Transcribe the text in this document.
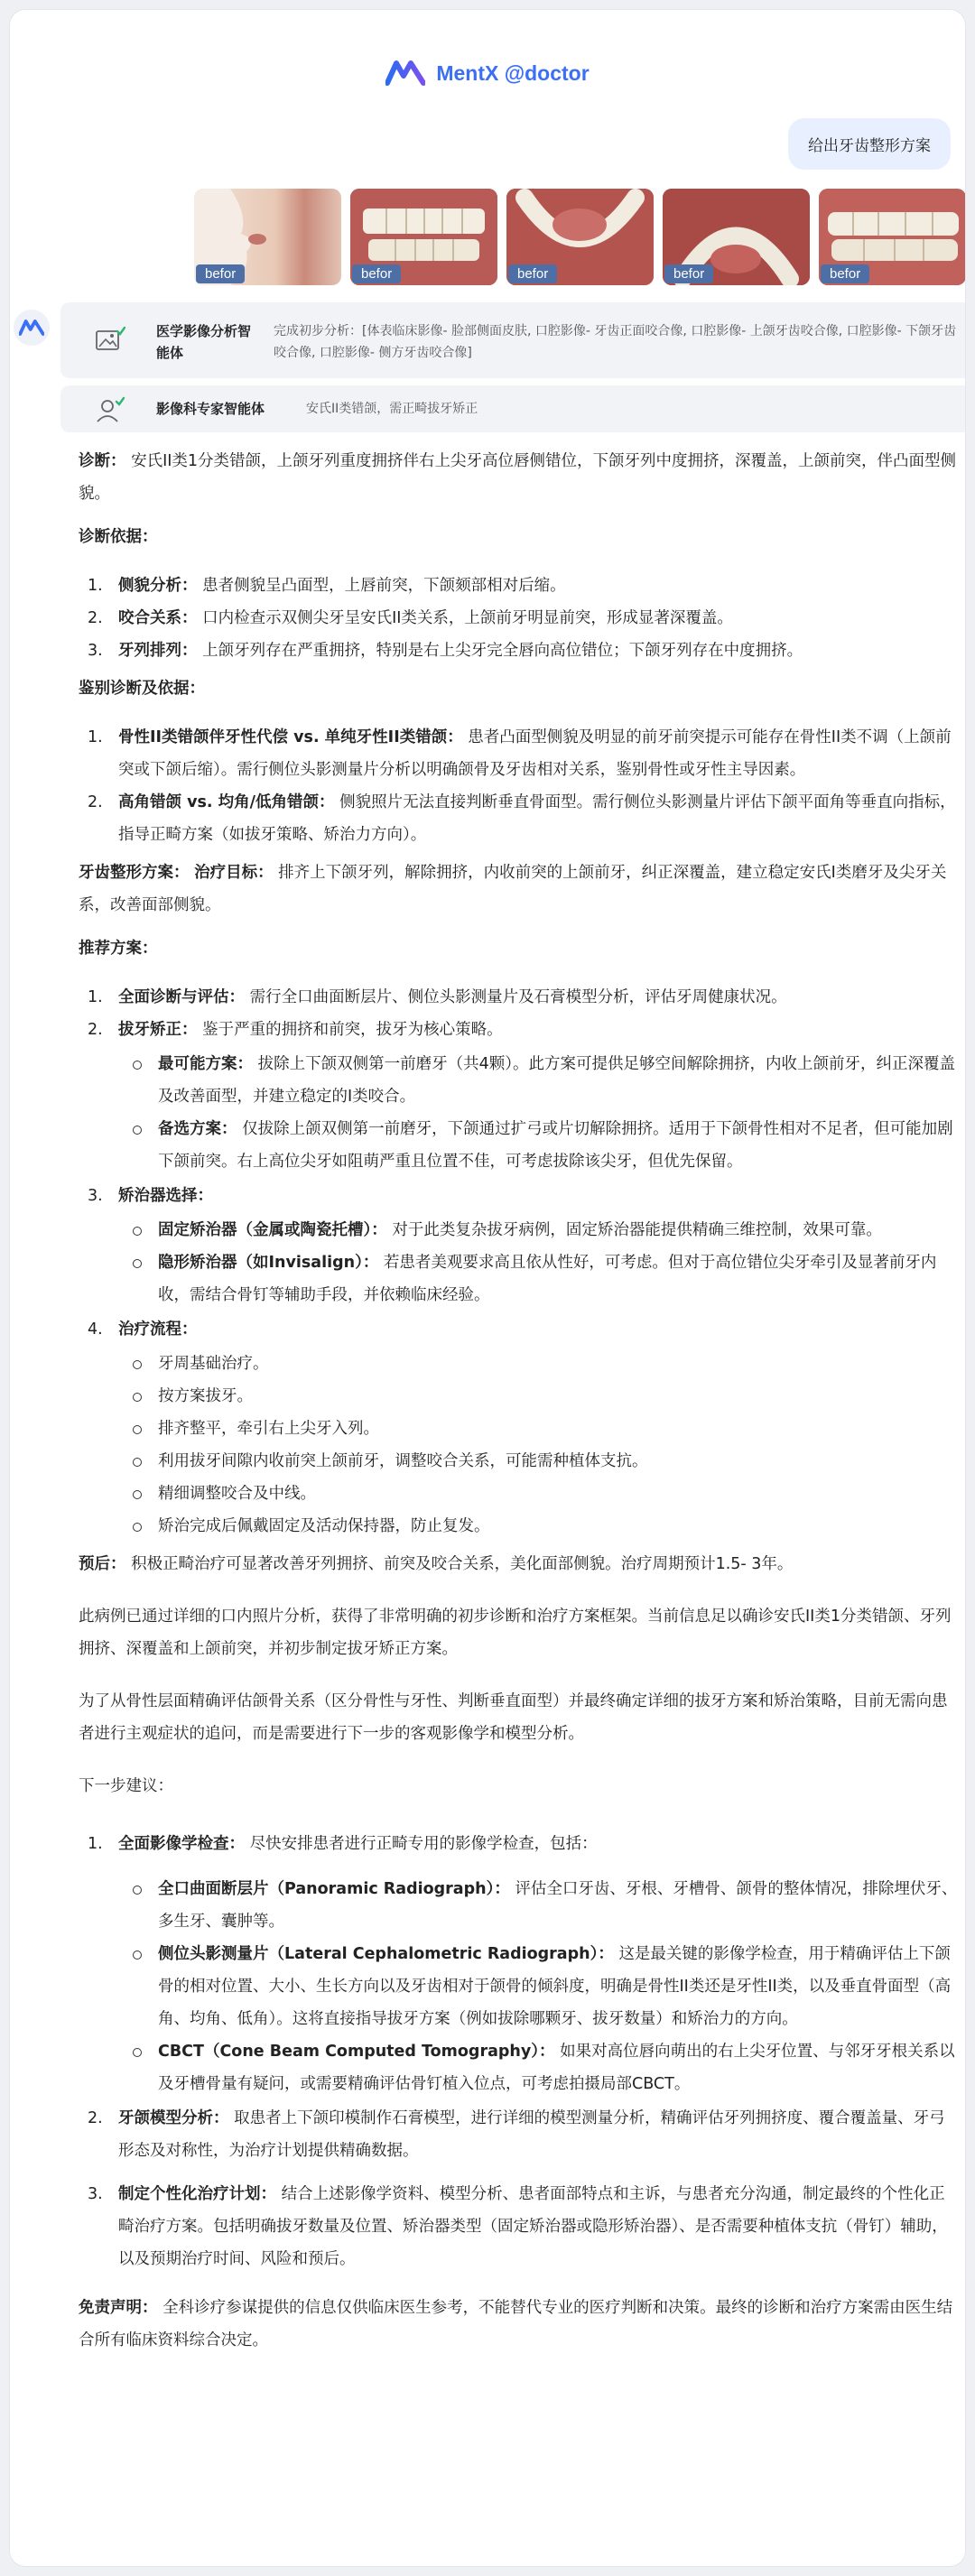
MentX @doctor
给出牙齿整形方案
befor	befor	befor	befor	befor
医学影像分析智能体
完成初步分析：[体表临床影像- 脸部侧面皮肤, 口腔影像- 牙齿正面咬合像, 口腔影像- 上颌牙齿咬合像, 口腔影像- 下颌牙齿咬合像, 口腔影像- 侧方牙齿咬合像]
影像科专家智能体	安氏II类错颌，需正畸拔牙矫正

诊断： 安氏II类1分类错颌，上颌牙列重度拥挤伴右上尖牙高位唇侧错位，下颌牙列中度拥挤，深覆盖，上颌前突，伴凸面型侧貌。

诊断依据：

1. 侧貌分析： 患者侧貌呈凸面型，上唇前突，下颌颏部相对后缩。
2. 咬合关系： 口内检查示双侧尖牙呈安氏II类关系，上颌前牙明显前突，形成显著深覆盖。
3. 牙列排列： 上颌牙列存在严重拥挤，特别是右上尖牙完全唇向高位错位；下颌牙列存在中度拥挤。

鉴别诊断及依据：

1. 骨性II类错颌伴牙性代偿 vs. 单纯牙性II类错颌： 患者凸面型侧貌及明显的前牙前突提示可能存在骨性II类不调（上颌前突或下颌后缩）。需行侧位头影测量片分析以明确颌骨及牙齿相对关系，鉴别骨性或牙性主导因素。
2. 高角错颌 vs. 均角/低角错颌： 侧貌照片无法直接判断垂直骨面型。需行侧位头影测量片评估下颌平面角等垂直向指标，指导正畸方案（如拔牙策略、矫治力方向）。

牙齿整形方案： 治疗目标： 排齐上下颌牙列，解除拥挤，内收前突的上颌前牙，纠正深覆盖，建立稳定安氏I类磨牙及尖牙关系，改善面部侧貌。

推荐方案：

1. 全面诊断与评估： 需行全口曲面断层片、侧位头影测量片及石膏模型分析，评估牙周健康状况。
2. 拔牙矫正： 鉴于严重的拥挤和前突，拔牙为核心策略。
最可能方案： 拔除上下颌双侧第一前磨牙（共4颗）。此方案可提供足够空间解除拥挤，内收上颌前牙，纠正深覆盖及改善面型，并建立稳定的I类咬合。
备选方案： 仅拔除上颌双侧第一前磨牙，下颌通过扩弓或片切解除拥挤。适用于下颌骨性相对不足者，但可能加剧下颌前突。右上高位尖牙如阻萌严重且位置不佳，可考虑拔除该尖牙，但优先保留。
3. 矫治器选择：
固定矫治器（金属或陶瓷托槽）： 对于此类复杂拔牙病例，固定矫治器能提供精确三维控制，效果可靠。
隐形矫治器（如Invisalign）： 若患者美观要求高且依从性好，可考虑。但对于高位错位尖牙牵引及显著前牙内收，需结合骨钉等辅助手段，并依赖临床经验。
4. 治疗流程：
牙周基础治疗。
按方案拔牙。
排齐整平，牵引右上尖牙入列。
利用拔牙间隙内收前突上颌前牙，调整咬合关系，可能需种植体支抗。
精细调整咬合及中线。
矫治完成后佩戴固定及活动保持器，防止复发。

预后： 积极正畸治疗可显著改善牙列拥挤、前突及咬合关系，美化面部侧貌。治疗周期预计1.5- 3年。

此病例已通过详细的口内照片分析，获得了非常明确的初步诊断和治疗方案框架。当前信息足以确诊安氏II类1分类错颌、牙列拥挤、深覆盖和上颌前突，并初步制定拔牙矫正方案。

为了从骨性层面精确评估颌骨关系（区分骨性与牙性、判断垂直面型）并最终确定详细的拔牙方案和矫治策略，目前无需向患者进行主观症状的追问，而是需要进行下一步的客观影像学和模型分析。

下一步建议：

1. 全面影像学检查： 尽快安排患者进行正畸专用的影像学检查，包括：
全口曲面断层片（Panoramic Radiograph）： 评估全口牙齿、牙根、牙槽骨、颌骨的整体情况，排除埋伏牙、多生牙、囊肿等。
侧位头影测量片（Lateral Cephalometric Radiograph）： 这是最关键的影像学检查，用于精确评估上下颌骨的相对位置、大小、生长方向以及牙齿相对于颌骨的倾斜度，明确是骨性II类还是牙性II类，以及垂直骨面型（高角、均角、低角）。这将直接指导拔牙方案（例如拔除哪颗牙、拔牙数量）和矫治力的方向。
CBCT（Cone Beam Computed Tomography）： 如果对高位唇向萌出的右上尖牙位置、与邻牙牙根关系以及牙槽骨量有疑问，或需要精确评估骨钉植入位点，可考虑拍摄局部CBCT。
2. 牙颌模型分析： 取患者上下颌印模制作石膏模型，进行详细的模型测量分析，精确评估牙列拥挤度、覆合覆盖量、牙弓形态及对称性，为治疗计划提供精确数据。
3. 制定个性化治疗计划： 结合上述影像学资料、模型分析、患者面部特点和主诉，与患者充分沟通，制定最终的个性化正畸治疗方案。包括明确拔牙数量及位置、矫治器类型（固定矫治器或隐形矫治器）、是否需要种植体支抗（骨钉）辅助，以及预期治疗时间、风险和预后。

免责声明： 全科诊疗参谋提供的信息仅供临床医生参考，不能替代专业的医疗判断和决策。最终的诊断和治疗方案需由医生结合所有临床资料综合决定。
